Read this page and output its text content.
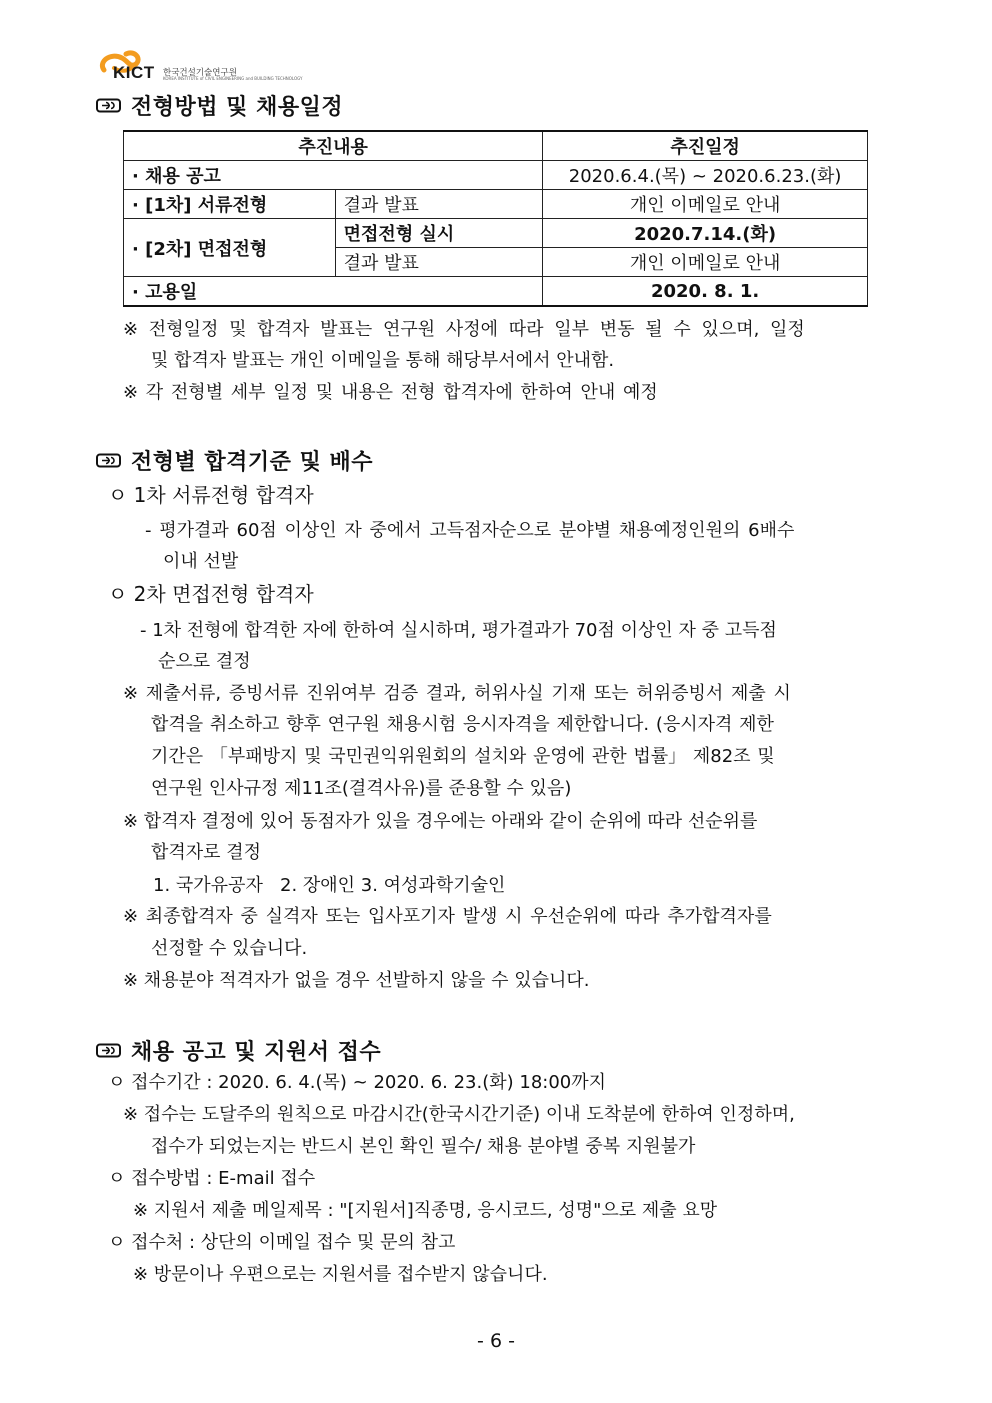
KICT 한국건설기술연구원
KOREA INSTITUTE of CIVIL ENGINEERING and BUILDING TECHNOLOGY
전형방법 및 채용일정
추진내용		추진일정
· 채용 공고		2020.6.4.(목) ~ 2020.6.23.(화)
· [1차] 서류전형	결과 발표	개인 이메일로 안내
· [2차] 면접전형	면접전형 실시	2020.7.14.(화)
	결과 발표	개인 이메일로 안내
· 고용일		2020. 8. 1.
※ 전형일정 및 합격자 발표는 연구원 사정에 따라 일부 변동 될 수 있으며, 일정
및 합격자 발표는 개인 이메일을 통해 해당부서에서 안내함.
※ 각 전형별 세부 일정 및 내용은 전형 합격자에 한하여 안내 예정
전형별 합격기준 및 배수
ㅇ 1차 서류전형 합격자
- 평가결과 60점 이상인 자 중에서 고득점자순으로 분야별 채용예정인원의 6배수
이내 선발
ㅇ 2차 면접전형 합격자
- 1차 전형에 합격한 자에 한하여 실시하며, 평가결과가 70점 이상인 자 중 고득점
순으로 결정
※ 제출서류, 증빙서류 진위여부 검증 결과, 허위사실 기재 또는 허위증빙서 제출 시
합격을 취소하고 향후 연구원 채용시험 응시자격을 제한합니다. (응시자격 제한
기간은 「부패방지 및 국민권익위원회의 설치와 운영에 관한 법률」 제82조 및
연구원 인사규정 제11조(결격사유)를 준용할 수 있음)
※ 합격자 결정에 있어 동점자가 있을 경우에는 아래와 같이 순위에 따라 선순위를
합격자로 결정
1. 국가유공자   2. 장애인 3. 여성과학기술인
※ 최종합격자 중 실격자 또는 입사포기자 발생 시 우선순위에 따라 추가합격자를
선정할 수 있습니다.
※ 채용분야 적격자가 없을 경우 선발하지 않을 수 있습니다.
채용 공고 및 지원서 접수
ㅇ 접수기간 : 2020. 6. 4.(목) ~ 2020. 6. 23.(화) 18:00까지
※ 접수는 도달주의 원칙으로 마감시간(한국시간기준) 이내 도착분에 한하여 인정하며,
접수가 되었는지는 반드시 본인 확인 필수/ 채용 분야별 중복 지원불가
ㅇ 접수방법 : E-mail 접수
※ 지원서 제출 메일제목 : "[지원서]직종명, 응시코드, 성명"으로 제출 요망
ㅇ 접수처 : 상단의 이메일 접수 및 문의 참고
※ 방문이나 우편으로는 지원서를 접수받지 않습니다.
- 6 -
